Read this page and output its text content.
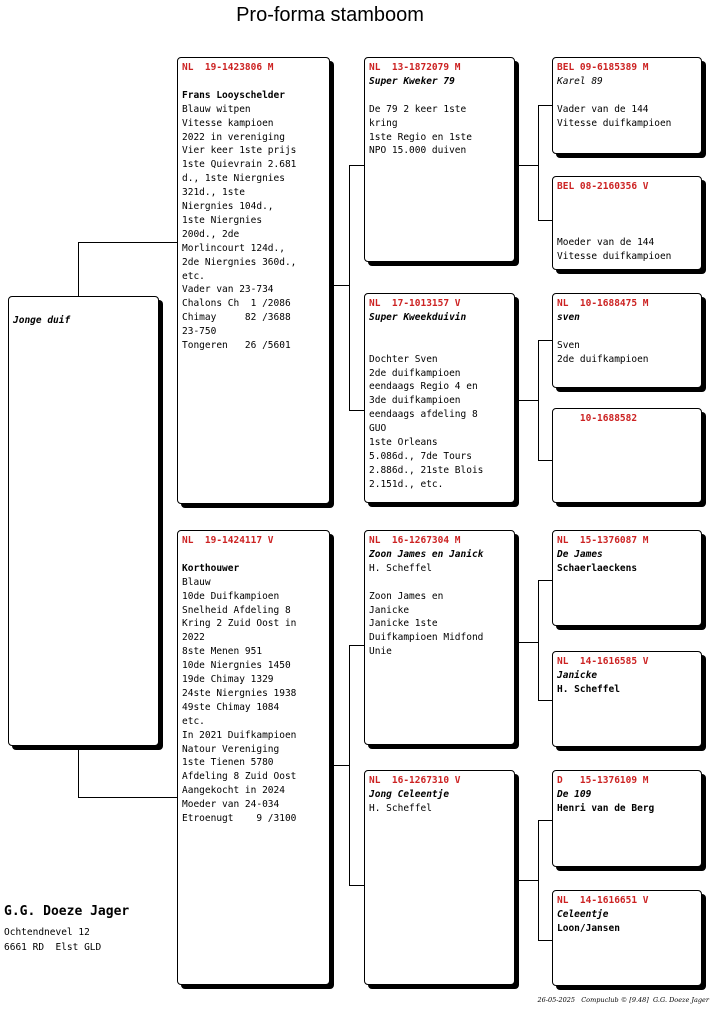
Pro-forma stamboom
Jonge duif
NL  19-1423806 M
Frans Looyschelder
Blauw witpen
Vitesse kampioen
2022 in vereniging
Vier keer 1ste prijs
1ste Quievrain 2.681
d., 1ste Niergnies
321d., 1ste
Niergnies 104d.,
1ste Niergnies
200d., 2de
Morlincourt 124d.,
2de Niergnies 360d.,
etc.
Vader van 23-734
Chalons Ch  1 /2086
Chimay     82 /3688
23-750
Tongeren   26 /5601
NL  19-1424117 V
Korthouwer
Blauw
10de Duifkampioen
Snelheid Afdeling 8
Kring 2 Zuid Oost in
2022
8ste Menen 951
10de Niergnies 1450
19de Chimay 1329
24ste Niergnies 1938
49ste Chimay 1084
etc.
In 2021 Duifkampioen
Natour Vereniging
1ste Tienen 5780
Afdeling 8 Zuid Oost
Aangekocht in 2024
Moeder van 24-034
Etroenugt    9 /3100
NL  13-1872079 M
Super Kweker 79
De 79 2 keer 1ste
kring
1ste Regio en 1ste
NPO 15.000 duiven
NL  17-1013157 V
Super Kweekduivin
Dochter Sven
2de duifkampioen
eendaags Regio 4 en
3de duifkampioen
eendaags afdeling 8
GUO
1ste Orleans
5.086d., 7de Tours
2.886d., 21ste Blois
2.151d., etc.
NL  16-1267304 M
Zoon James en Janick
H. Scheffel
Zoon James en
Janicke
Janicke 1ste
Duifkampioen Midfond
Unie
NL  16-1267310 V
Jong Celeentje
H. Scheffel
BEL 09-6185389 M
Karel 89
Vader van de 144
Vitesse duifkampioen
BEL 08-2160356 V
Moeder van de 144
Vitesse duifkampioen
NL  10-1688475 M
sven
Sven
2de duifkampioen
10-1688582
NL  15-1376087 M
De James
Schaerlaeckens
NL  14-1616585 V
Janicke
H. Scheffel
D   15-1376109 M
De 109
Henri van de Berg
NL  14-1616651 V
Celeentje
Loon/Jansen
G.G. Doeze Jager
Ochtendnevel 12
6661 RD  Elst GLD
26-05-2025   Compuclub © [9.48]  G.G. Doeze Jager
